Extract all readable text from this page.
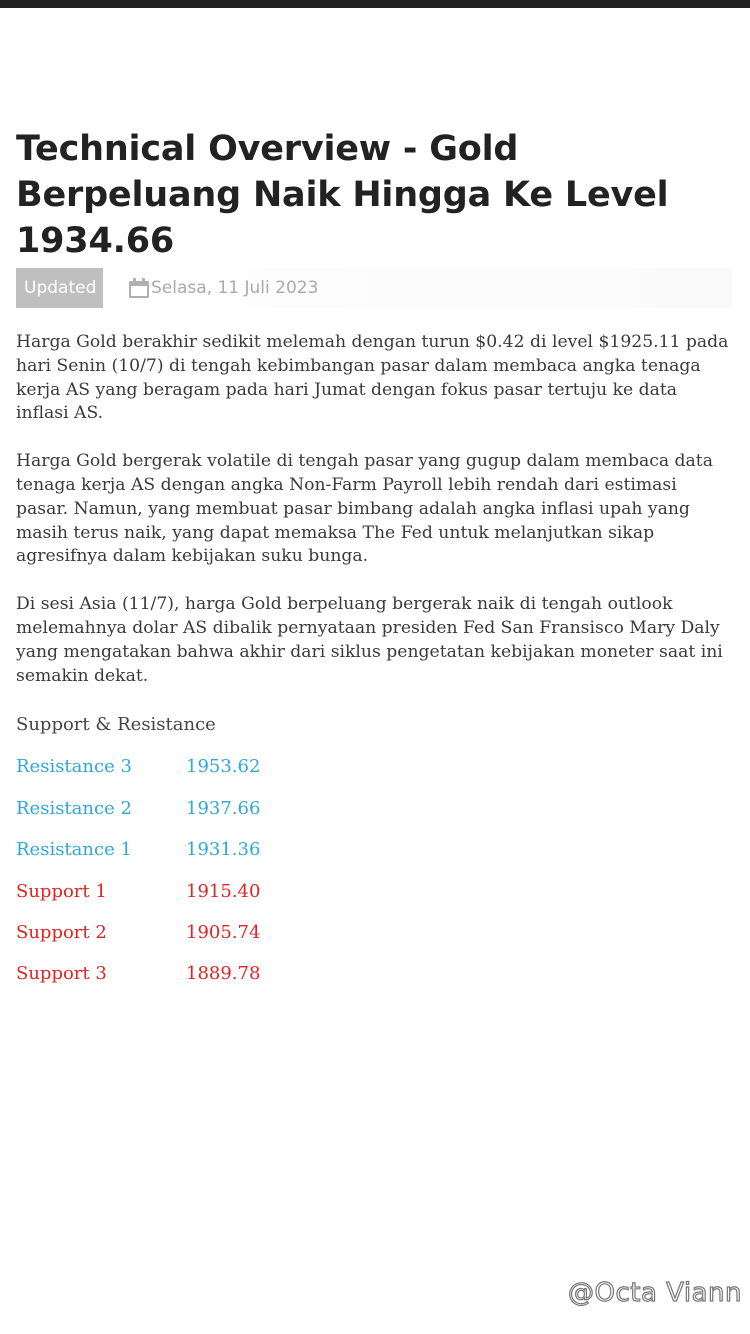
Technical Overview - Gold Berpeluang Naik Hingga Ke Level 1934.66
Updated	Selasa, 11 Juli 2023

Harga Gold berakhir sedikit melemah dengan turun $0.42 di level $1925.11 pada hari Senin (10/7) di tengah kebimbangan pasar dalam membaca angka tenaga kerja AS yang beragam pada hari Jumat dengan fokus pasar tertuju ke data inflasi AS.

Harga Gold bergerak volatile di tengah pasar yang gugup dalam membaca data tenaga kerja AS dengan angka Non-Farm Payroll lebih rendah dari estimasi pasar. Namun, yang membuat pasar bimbang adalah angka inflasi upah yang masih terus naik, yang dapat memaksa The Fed untuk melanjutkan sikap agresifnya dalam kebijakan suku bunga.

Di sesi Asia (11/7), harga Gold berpeluang bergerak naik di tengah outlook melemahnya dolar AS dibalik pernyataan presiden Fed San Fransisco Mary Daly yang mengatakan bahwa akhir dari siklus pengetatan kebijakan moneter saat ini semakin dekat.

Support & Resistance
Resistance 3	1953.62
Resistance 2	1937.66
Resistance 1	1931.36
Support 1	1915.40
Support 2	1905.74
Support 3	1889.78
@Octa Viann
